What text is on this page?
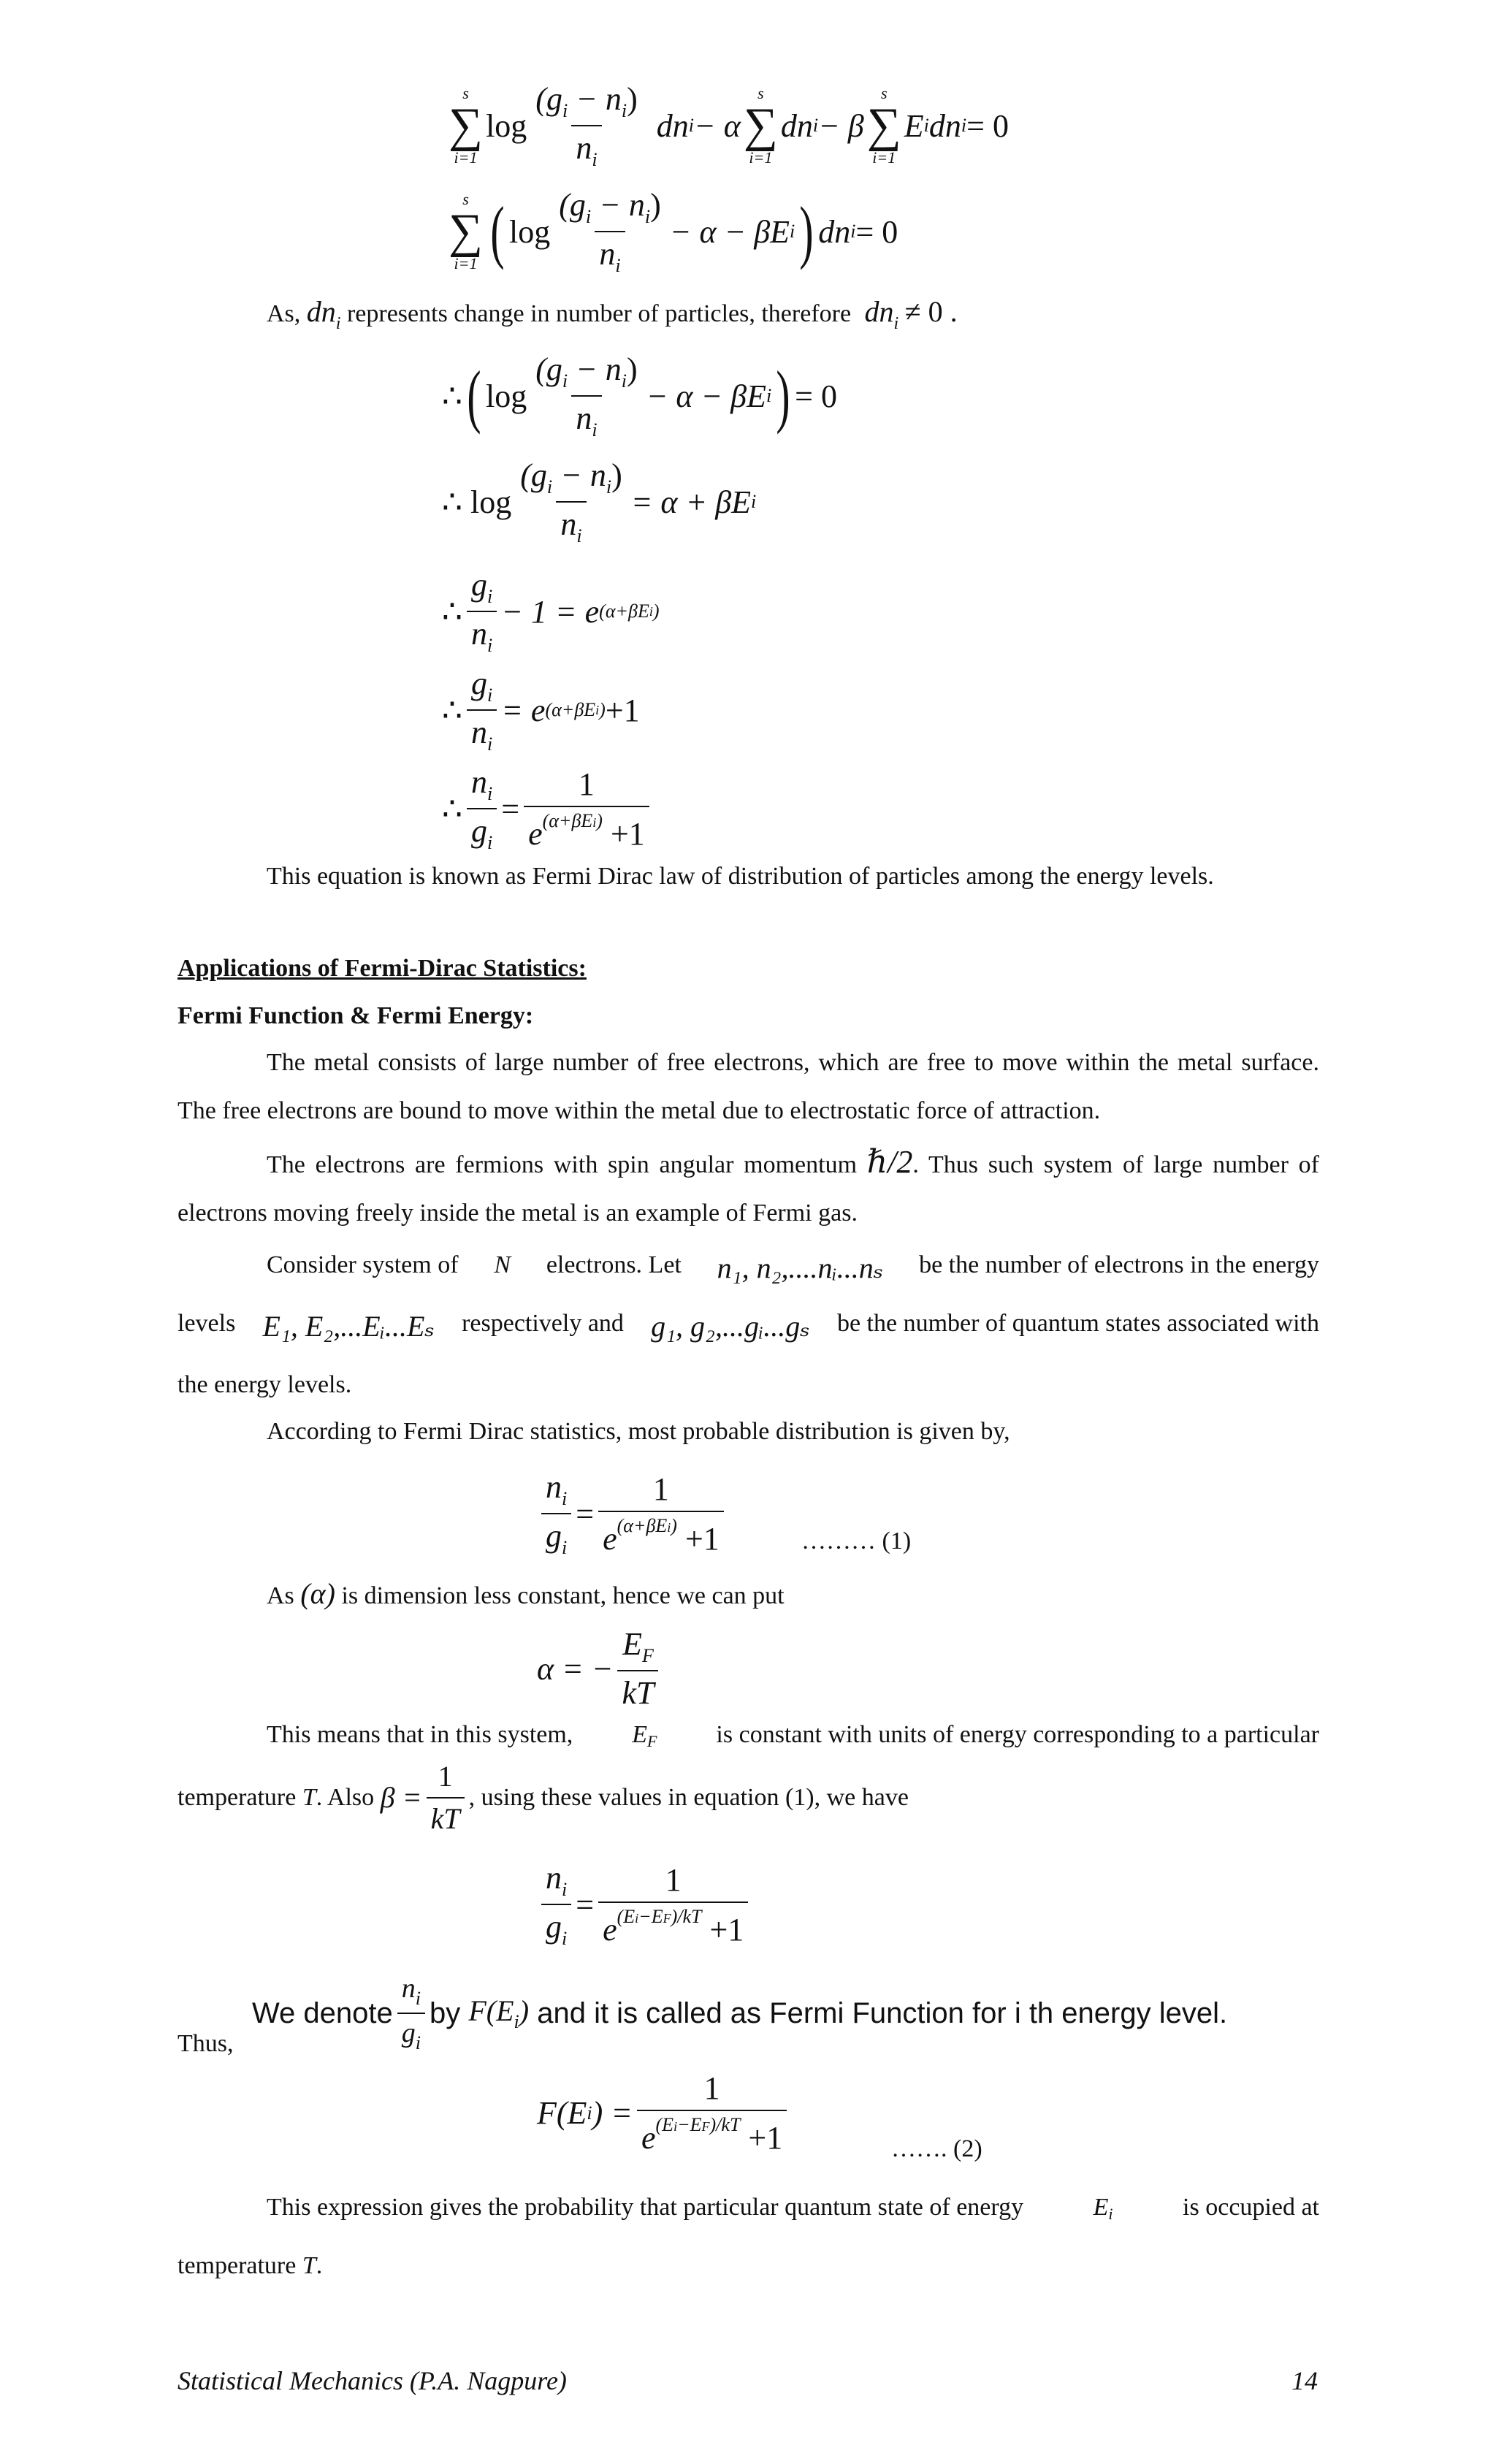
s
∑
i=1
$\log \frac{(g_i - n_i)}{n_i}$ dn i − α
s
∑
i=1
dn i − β
s
∑
i=1
E i dn i = 0
s
∑
i=1 ( $\log \frac{(g_i - n_i)}{n_i} - \alpha - \beta E$ i ) dn i = 0
As, $dn_i$ represents change in number of particles, therefore  $dn_i \ne 0$ .
∴ ( $\log \frac{(g_i - n_i)}{n_i} - \alpha - \beta E$ i ) = 0
∴
$\log \frac{(g_i - n_i)}{n_i} = \alpha + \beta E$ i
∴ $\frac{g_i}{n_i} - 1 = e$ (α+βE i )
∴ $\frac{g_i}{n_i} = e$ (α+βE i ) +1
∴ $\frac{n_i}{g_i} = \frac{1}{e^{(\alpha+\beta Ei)} +1}$
This equation is known as Fermi Dirac law of distribution of particles among the energy levels.
Applications of Fermi-Dirac Statistics:
Fermi Function & Fermi Energy:
The metal consists of large number of free electrons, which are free to move within the metal surface. The free electrons are bound to move within the metal due to electrostatic force of attraction.
The electrons are fermions with spin angular momentum ℏ/2. Thus such system of large number of electrons moving freely inside the metal is an example of Fermi gas.
Consider system of N electrons. Let n₁, n₂,....nᵢ...nₛ be the number of electrons in the energy
levels E₁, E₂,...Eᵢ...Eₛ respectively and g₁, g₂,...gᵢ...gₛ be the number of quantum states associated with
the energy levels.
According to Fermi Dirac statistics, most probable distribution is given by,
$\frac{n_i}{g_i} = \frac{1}{e^{(\alpha+\beta Ei)} +1}$	……… (1)
As (α) is dimension less constant, hence we can put
α = − $\frac{E_F}{kT}$
This means that in this system, $E_F$ is constant with units of energy corresponding to a particular
temperature
T . Also
$\beta = \frac{1}{kT}$ , using these values in equation (1), we have
$\frac{n_i}{g_i} = \frac{1}{e^{(Ei-EF)/kT} +1}$
We denote $\frac{n_i}{g_i}$ by
$F(E_i)$
and it is called as Fermi Function for i th energy level.
Thus,
F(E i ) = $\frac{1}{e^{(Ei-EF)/kT} +1}$	……. (2)
This expression gives the probability that particular quantum state of energy	$E_i$	is occupied at
temperature T.
Statistical Mechanics (P.A. Nagpure)	14
